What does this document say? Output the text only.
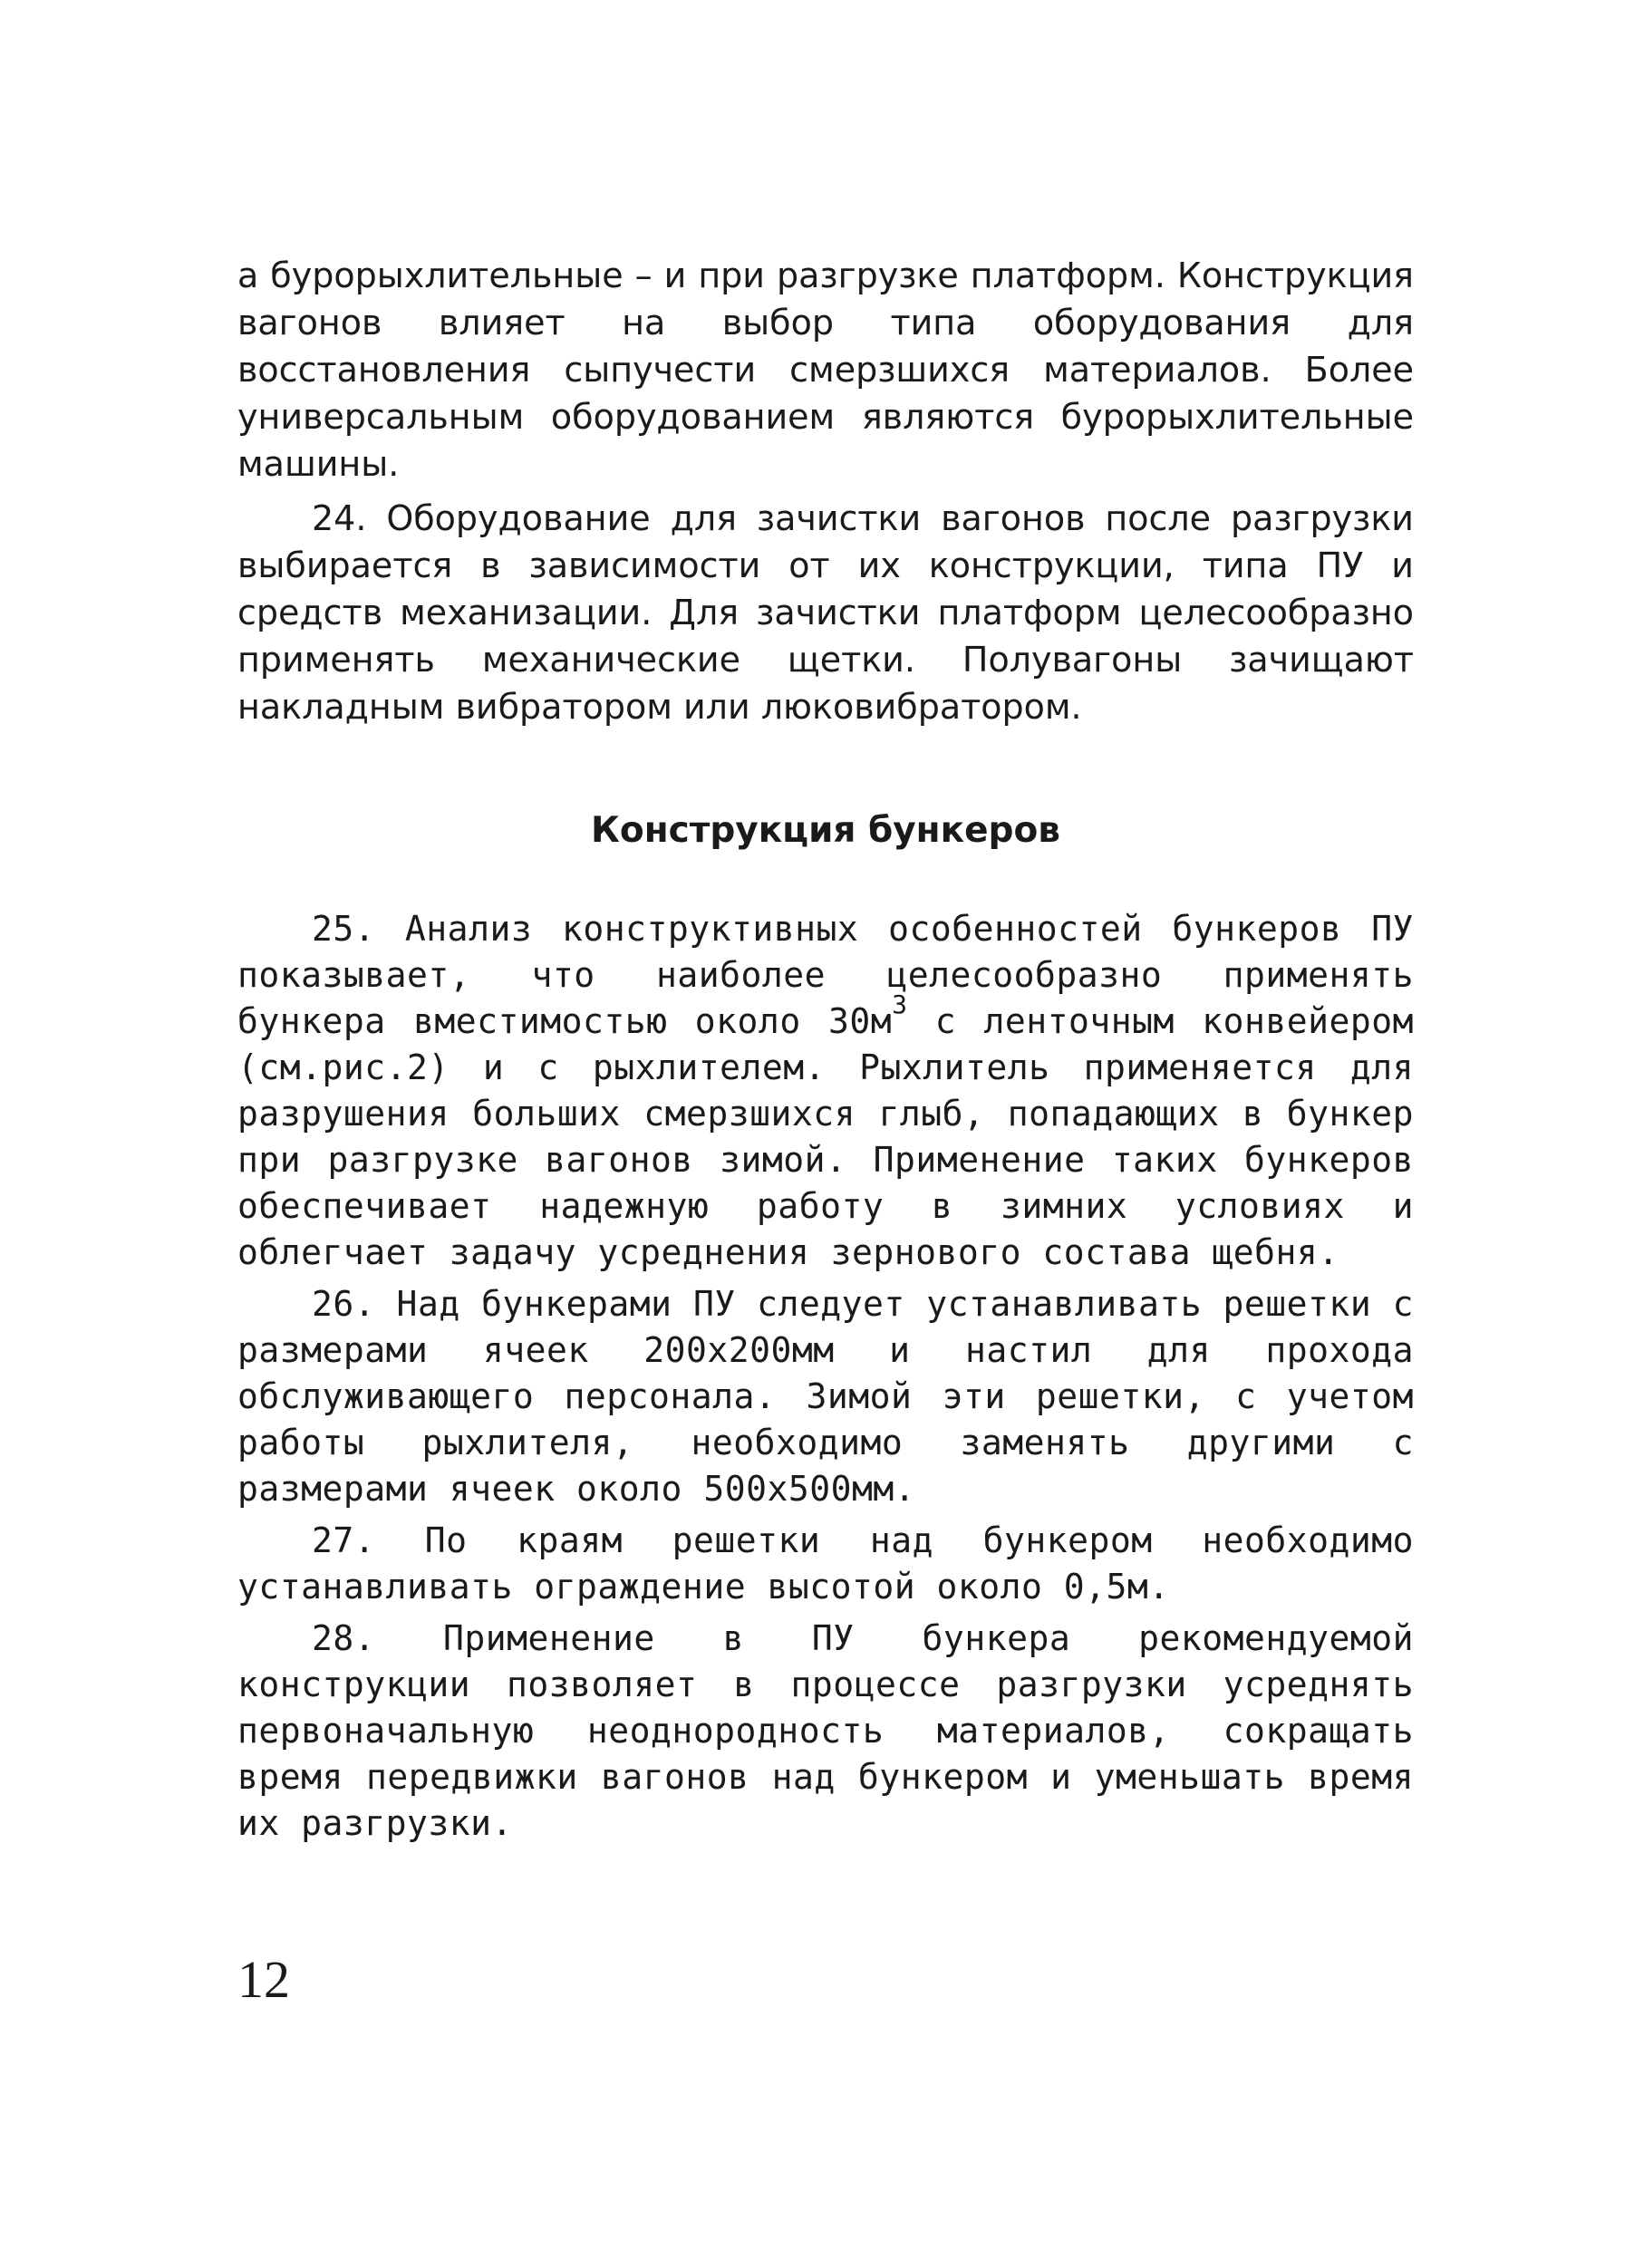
а бурорыхлительные – и при разгрузке платформ. Конструкция вагонов влияет на выбор типа оборудования для восстановления сыпучести смерзшихся материалов. Более универсальным оборудованием являются бурорыхлительные машины.

24. Оборудование для зачистки вагонов после разгрузки выбирается в зависимости от их конструкции, типа ПУ и средств механизации. Для зачистки платформ целесообразно применять механические щетки. Полувагоны зачищают накладным вибратором или люковибратором.

Конструкция бункеров

25. Анализ конструктивных особенностей бункеров ПУ показывает, что наиболее целесообразно применять бункера вместимостью около $30м^3$ с ленточным конвейером (см.рис.2) и с рыхлителем. Рыхлитель применяется для разрушения больших смерзшихся глыб, попадающих в бункер при разгрузке вагонов зимой. Применение таких бункеров обеспечивает надежную работу в зимних условиях и облегчает задачу усреднения зернового состава щебня.

26. Над бункерами ПУ следует устанавливать решетки с размерами ячеек 200х200мм и настил для прохода обслуживающего персонала. Зимой эти решетки, с учетом работы рыхлителя, необходимо заменять другими с размерами ячеек около 500х500мм.

27. По краям решетки над бункером необходимо устанавливать ограждение высотой около 0,5м.

28. Применение в ПУ бункера рекомендуемой конструкции позволяет в процессе разгрузки усреднять первоначальную неоднородность материалов, сокращать время передвижки вагонов над бункером и уменьшать время их разгрузки.

12
